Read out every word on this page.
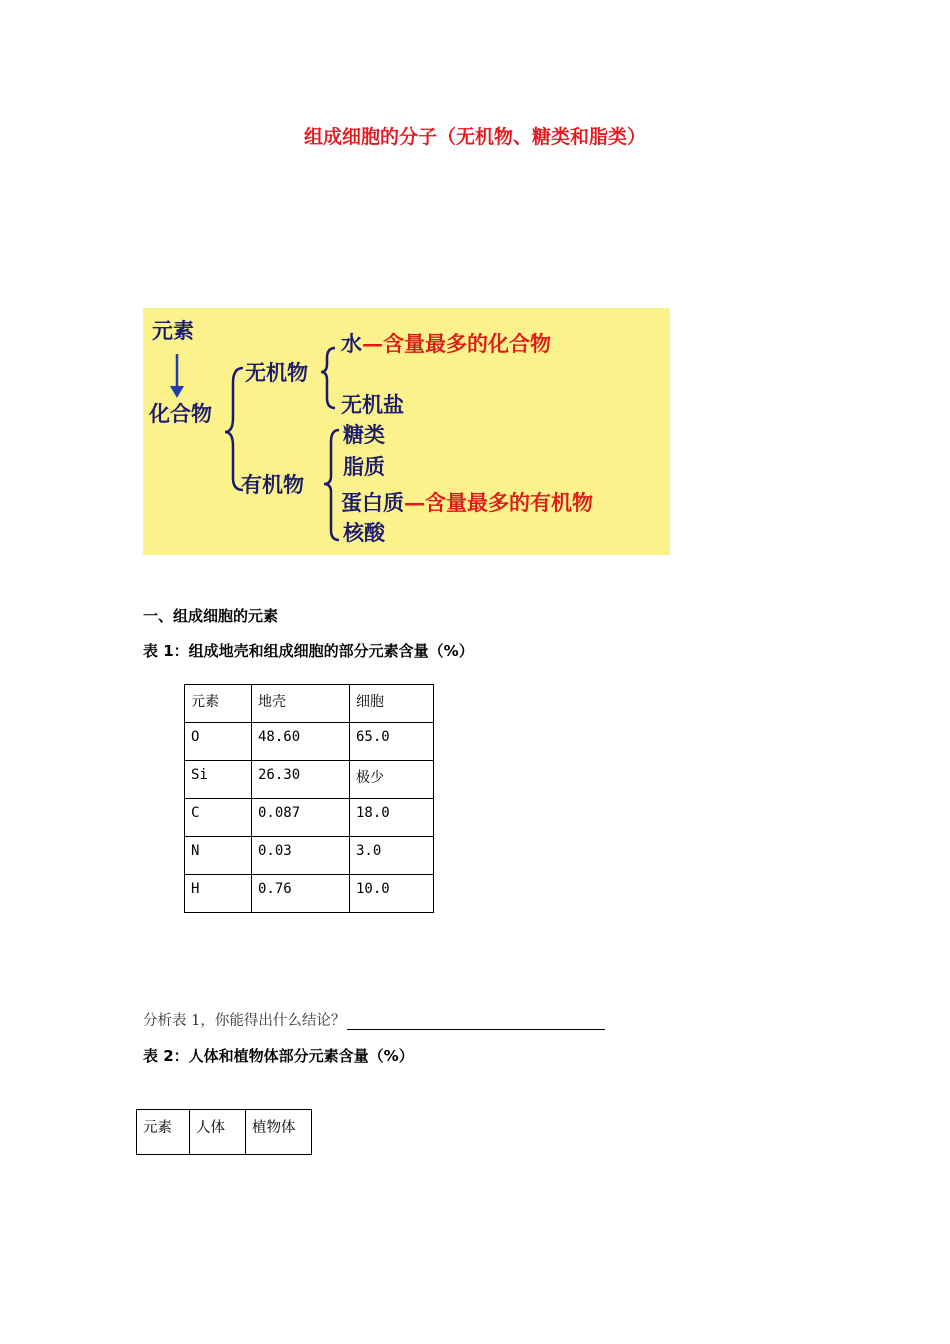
组成细胞的分子（无机物、糖类和脂类）
元素
化合物
无机物
有机物
水—含量最多的化合物
无机盐
糖类
脂质
蛋白质—含量最多的有机物
核酸
一、组成细胞的元素
表 1：组成地壳和组成细胞的部分元素含量（%）
元素	地壳	细胞
O	48.60	65.0
Si	26.30	极少
C	0.087	18.0
N	0.03	3.0
H	0.76	10.0
分析表 1，你能得出什么结论？
表 2：人体和植物体部分元素含量（%）
元素	人体	植物体
